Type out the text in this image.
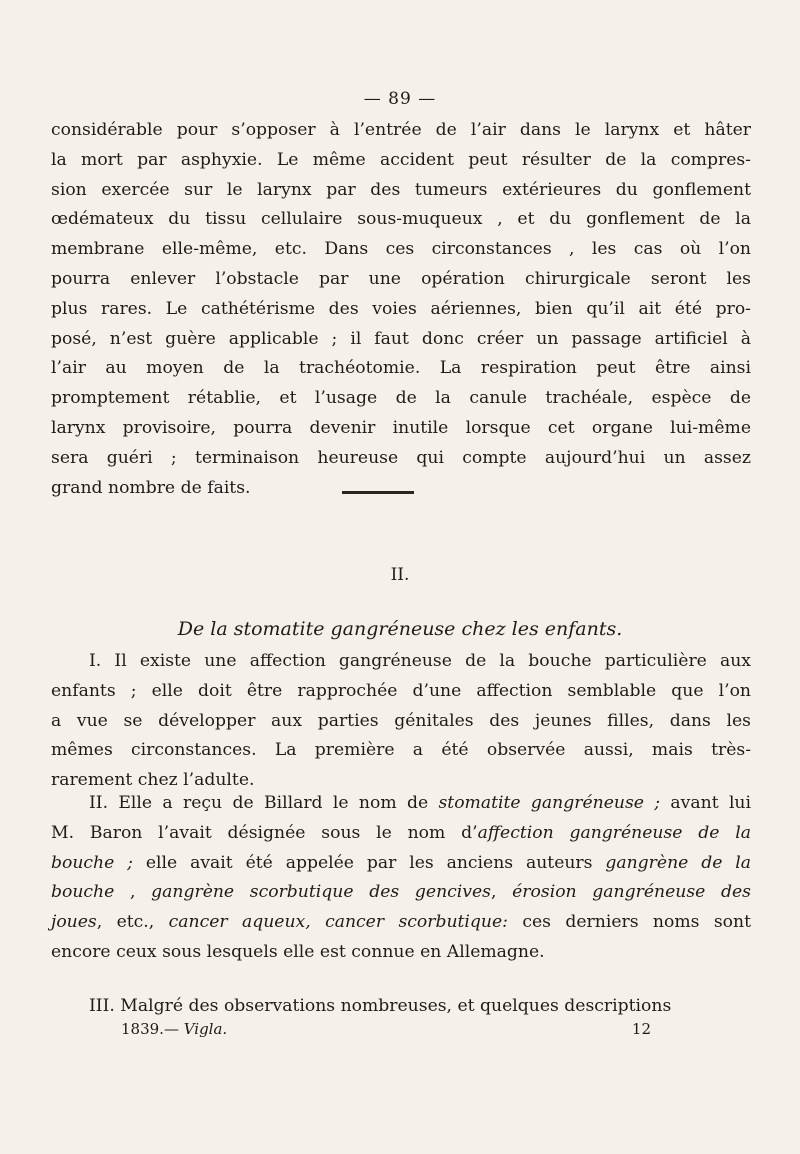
— 89 —
considérable pour s’opposer à l’entrée de l’air dans le larynx et hâter
la mort par asphyxie. Le même accident peut résulter de la compres-
sion exercée sur le larynx par des tumeurs extérieures du gonflement
œdémateux du tissu cellulaire sous-muqueux , et du gonflement de la
membrane elle-même, etc. Dans ces circonstances , les cas où l’on
pourra enlever l’obstacle par une opération chirurgicale seront les
plus rares. Le cathétérisme des voies aériennes, bien qu’il ait été pro-
posé, n’est guère applicable ; il faut donc créer un passage artificiel à
l’air au moyen de la trachéotomie. La respiration peut être ainsi
promptement rétablie, et l’usage de la canule trachéale, espèce de
larynx provisoire, pourra devenir inutile lorsque cet organe lui-même
sera guéri ; terminaison heureuse qui compte aujourd’hui un assez
grand nombre de faits.
II.
De la stomatite gangréneuse chez les enfants.
I. Il existe une affection gangréneuse de la bouche particulière aux
enfants ; elle doit être rapprochée d’une affection semblable que l’on
a vue se développer aux parties génitales des jeunes filles, dans les
mêmes circonstances. La première a été observée aussi, mais très-
rarement chez l’adulte.
II. Elle a reçu de Billard le nom de stomatite gangréneuse ; avant lui
M. Baron l’avait désignée sous le nom d’affection gangréneuse de la
bouche ; elle avait été appelée par les anciens auteurs gangrène de la
bouche , gangrène scorbutique des gencives, érosion gangréneuse des
joues, etc., cancer aqueux, cancer scorbutique: ces derniers noms sont
encore ceux sous lesquels elle est connue en Allemagne.
III. Malgré des observations nombreuses, et quelques descriptions
1839.— Vigla.	12
